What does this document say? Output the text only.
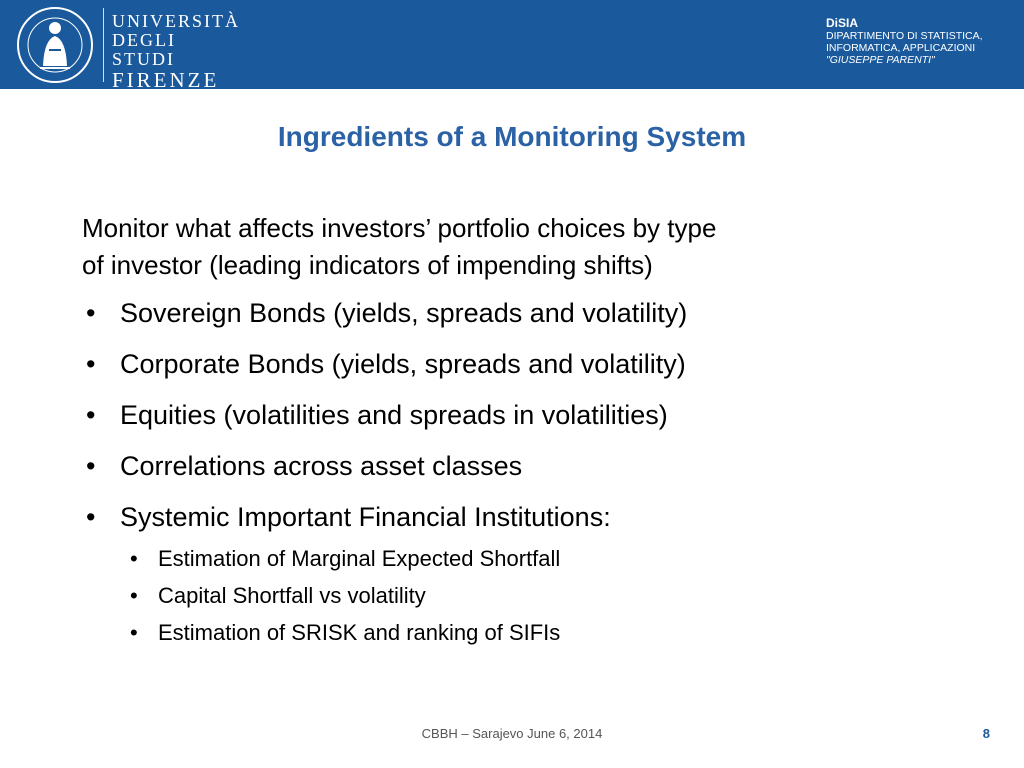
UNIVERSITÀ
DEGLI STUDI
FIRENZE
DiSIA
DIPARTIMENTO DI STATISTICA,
INFORMATICA, APPLICAZIONI
"GIUSEPPE PARENTI"
Ingredients of a Monitoring System

Monitor what affects investors’ portfolio choices by type
of investor (leading indicators of impending shifts)

• Sovereign Bonds (yields, spreads and volatility)
• Corporate Bonds (yields, spreads and volatility)
• Equities (volatilities and spreads in volatilities)
• Correlations across asset classes
• Systemic Important Financial Institutions:
• Estimation of Marginal Expected Shortfall
• Capital Shortfall vs volatility
• Estimation of SRISK and ranking of SIFIs
CBBH – Sarajevo June 6, 2014	8
